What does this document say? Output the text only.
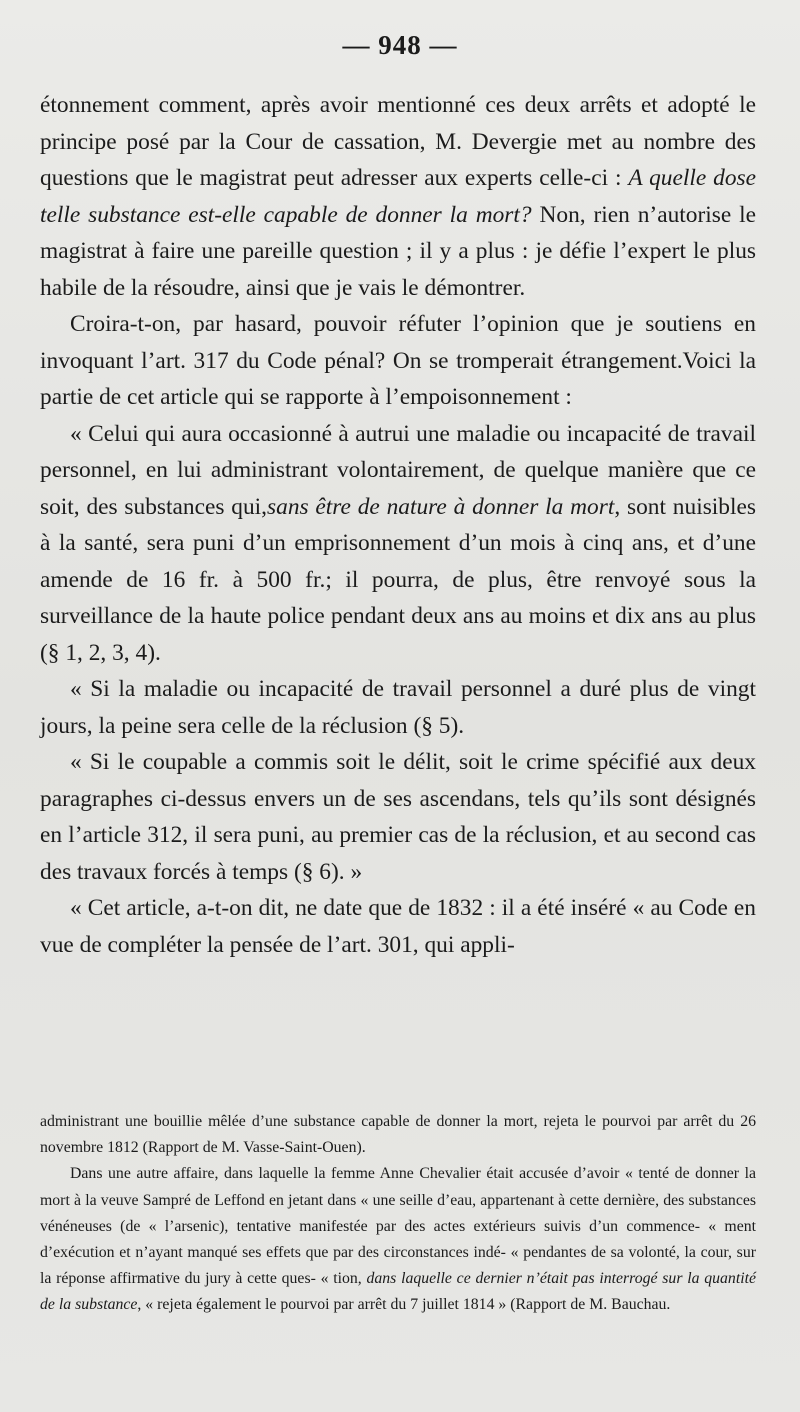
— 948 —

étonnement comment, après avoir mentionné ces deux arrêts et adopté le principe posé par la Cour de cassation, M. Devergie met au nombre des questions que le magistrat peut adresser aux experts celle-ci : A quelle dose telle substance est-elle capable de donner la mort? Non, rien n’autorise le magistrat à faire une pareille question ; il y a plus : je défie l’expert le plus habile de la résoudre, ainsi que je vais le démontrer.

Croira-t-on, par hasard, pouvoir réfuter l’opinion que je soutiens en invoquant l’art. 317 du Code pénal? On se tromperait étrangement.Voici la partie de cet article qui se rapporte à l’empoisonnement :

« Celui qui aura occasionné à autrui une maladie ou incapacité de travail personnel, en lui administrant volontairement, de quelque manière que ce soit, des substances qui,sans être de nature à donner la mort, sont nuisibles à la santé, sera puni d’un emprisonnement d’un mois à cinq ans, et d’une amende de 16 fr. à 500 fr.; il pourra, de plus, être renvoyé sous la surveillance de la haute police pendant deux ans au moins et dix ans au plus (§ 1, 2, 3, 4).

« Si la maladie ou incapacité de travail personnel a duré plus de vingt jours, la peine sera celle de la réclusion (§ 5).

« Si le coupable a commis soit le délit, soit le crime spécifié aux deux paragraphes ci-dessus envers un de ses ascendans, tels qu’ils sont désignés en l’article 312, il sera puni, au premier cas de la réclusion, et au second cas des travaux forcés à temps (§ 6). »

« Cet article, a-t-on dit, ne date que de 1832 : il a été inséré « au Code en vue de compléter la pensée de l’art. 301, qui appli-

administrant une bouillie mêlée d’une substance capable de donner la mort, rejeta le pourvoi par arrêt du 26 novembre 1812 (Rapport de M. Vasse-Saint-Ouen).

Dans une autre affaire, dans laquelle la femme Anne Chevalier était accusée d’avoir « tenté de donner la mort à la veuve Sampré de Leffond en jetant dans « une seille d’eau, appartenant à cette dernière, des substances vénéneuses (de « l’arsenic), tentative manifestée par des actes extérieurs suivis d’un commence- « ment d’exécution et n’ayant manqué ses effets que par des circonstances indé- « pendantes de sa volonté, la cour, sur la réponse affirmative du jury à cette ques- « tion, dans laquelle ce dernier n’était pas interrogé sur la quantité de la substance, « rejeta également le pourvoi par arrêt du 7 juillet 1814 » (Rapport de M. Bauchau.
